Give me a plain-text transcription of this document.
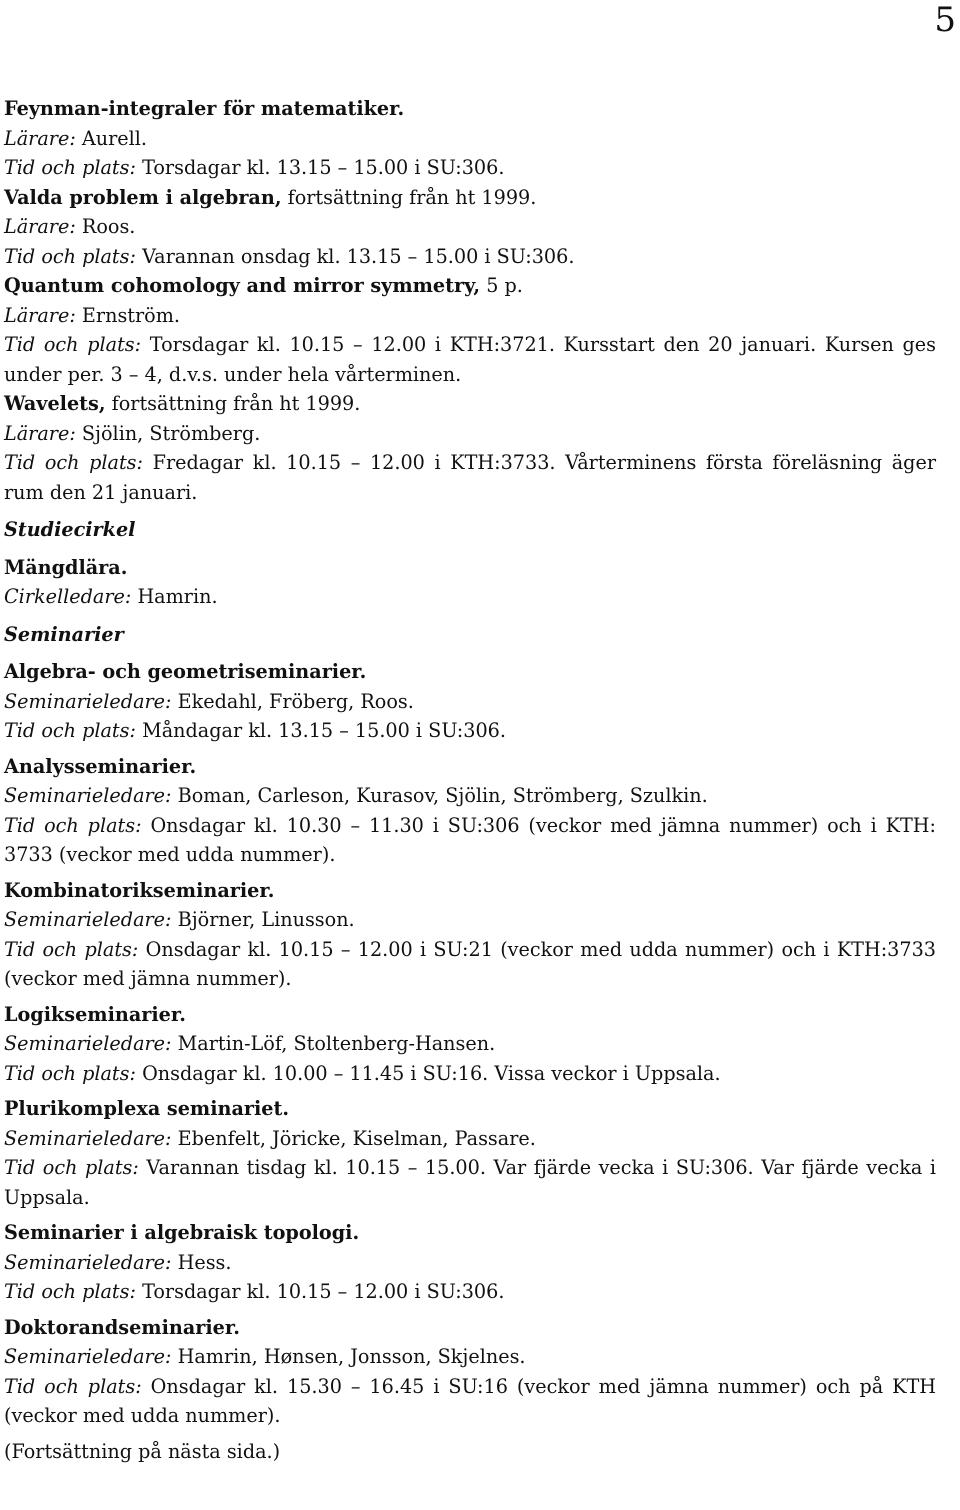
5
Feynman-integraler för matematiker.
Lärare: Aurell.
Tid och plats: Torsdagar kl. 13.15 – 15.00 i SU:306.
Valda problem i algebran, fortsättning från ht 1999.
Lärare: Roos.
Tid och plats: Varannan onsdag kl. 13.15 – 15.00 i SU:306.
Quantum cohomology and mirror symmetry, 5 p.
Lärare: Ernström.
Tid och plats: Torsdagar kl. 10.15 – 12.00 i KTH:3721. Kursstart den 20 januari. Kursen ges under per. 3 – 4, d.v.s. under hela vårterminen.
Wavelets, fortsättning från ht 1999.
Lärare: Sjölin, Strömberg.
Tid och plats: Fredagar kl. 10.15 – 12.00 i KTH:3733. Vårterminens första föreläsning äger rum den 21 januari.
Studiecirkel
Mängdlära.
Cirkelledare: Hamrin.
Seminarier
Algebra- och geometriseminarier.
Seminarieledare: Ekedahl, Fröberg, Roos.
Tid och plats: Måndagar kl. 13.15 – 15.00 i SU:306.
Analysseminarier.
Seminarieledare: Boman, Carleson, Kurasov, Sjölin, Strömberg, Szulkin.
Tid och plats: Onsdagar kl. 10.30 – 11.30 i SU:306 (veckor med jämna nummer) och i KTH: 3733 (veckor med udda nummer).
Kombinatorikseminarier.
Seminarieledare: Björner, Linusson.
Tid och plats: Onsdagar kl. 10.15 – 12.00 i SU:21 (veckor med udda nummer) och i KTH:3733 (veckor med jämna nummer).
Logikseminarier.
Seminarieledare: Martin-Löf, Stoltenberg-Hansen.
Tid och plats: Onsdagar kl. 10.00 – 11.45 i SU:16. Vissa veckor i Uppsala.
Plurikomplexa seminariet.
Seminarieledare: Ebenfelt, Jöricke, Kiselman, Passare.
Tid och plats: Varannan tisdag kl. 10.15 – 15.00. Var fjärde vecka i SU:306. Var fjärde vecka i Uppsala.
Seminarier i algebraisk topologi.
Seminarieledare: Hess.
Tid och plats: Torsdagar kl. 10.15 – 12.00 i SU:306.
Doktorandseminarier.
Seminarieledare: Hamrin, Hønsen, Jonsson, Skjelnes.
Tid och plats: Onsdagar kl. 15.30 – 16.45 i SU:16 (veckor med jämna nummer) och på KTH (veckor med udda nummer).
(Fortsättning på nästa sida.)
